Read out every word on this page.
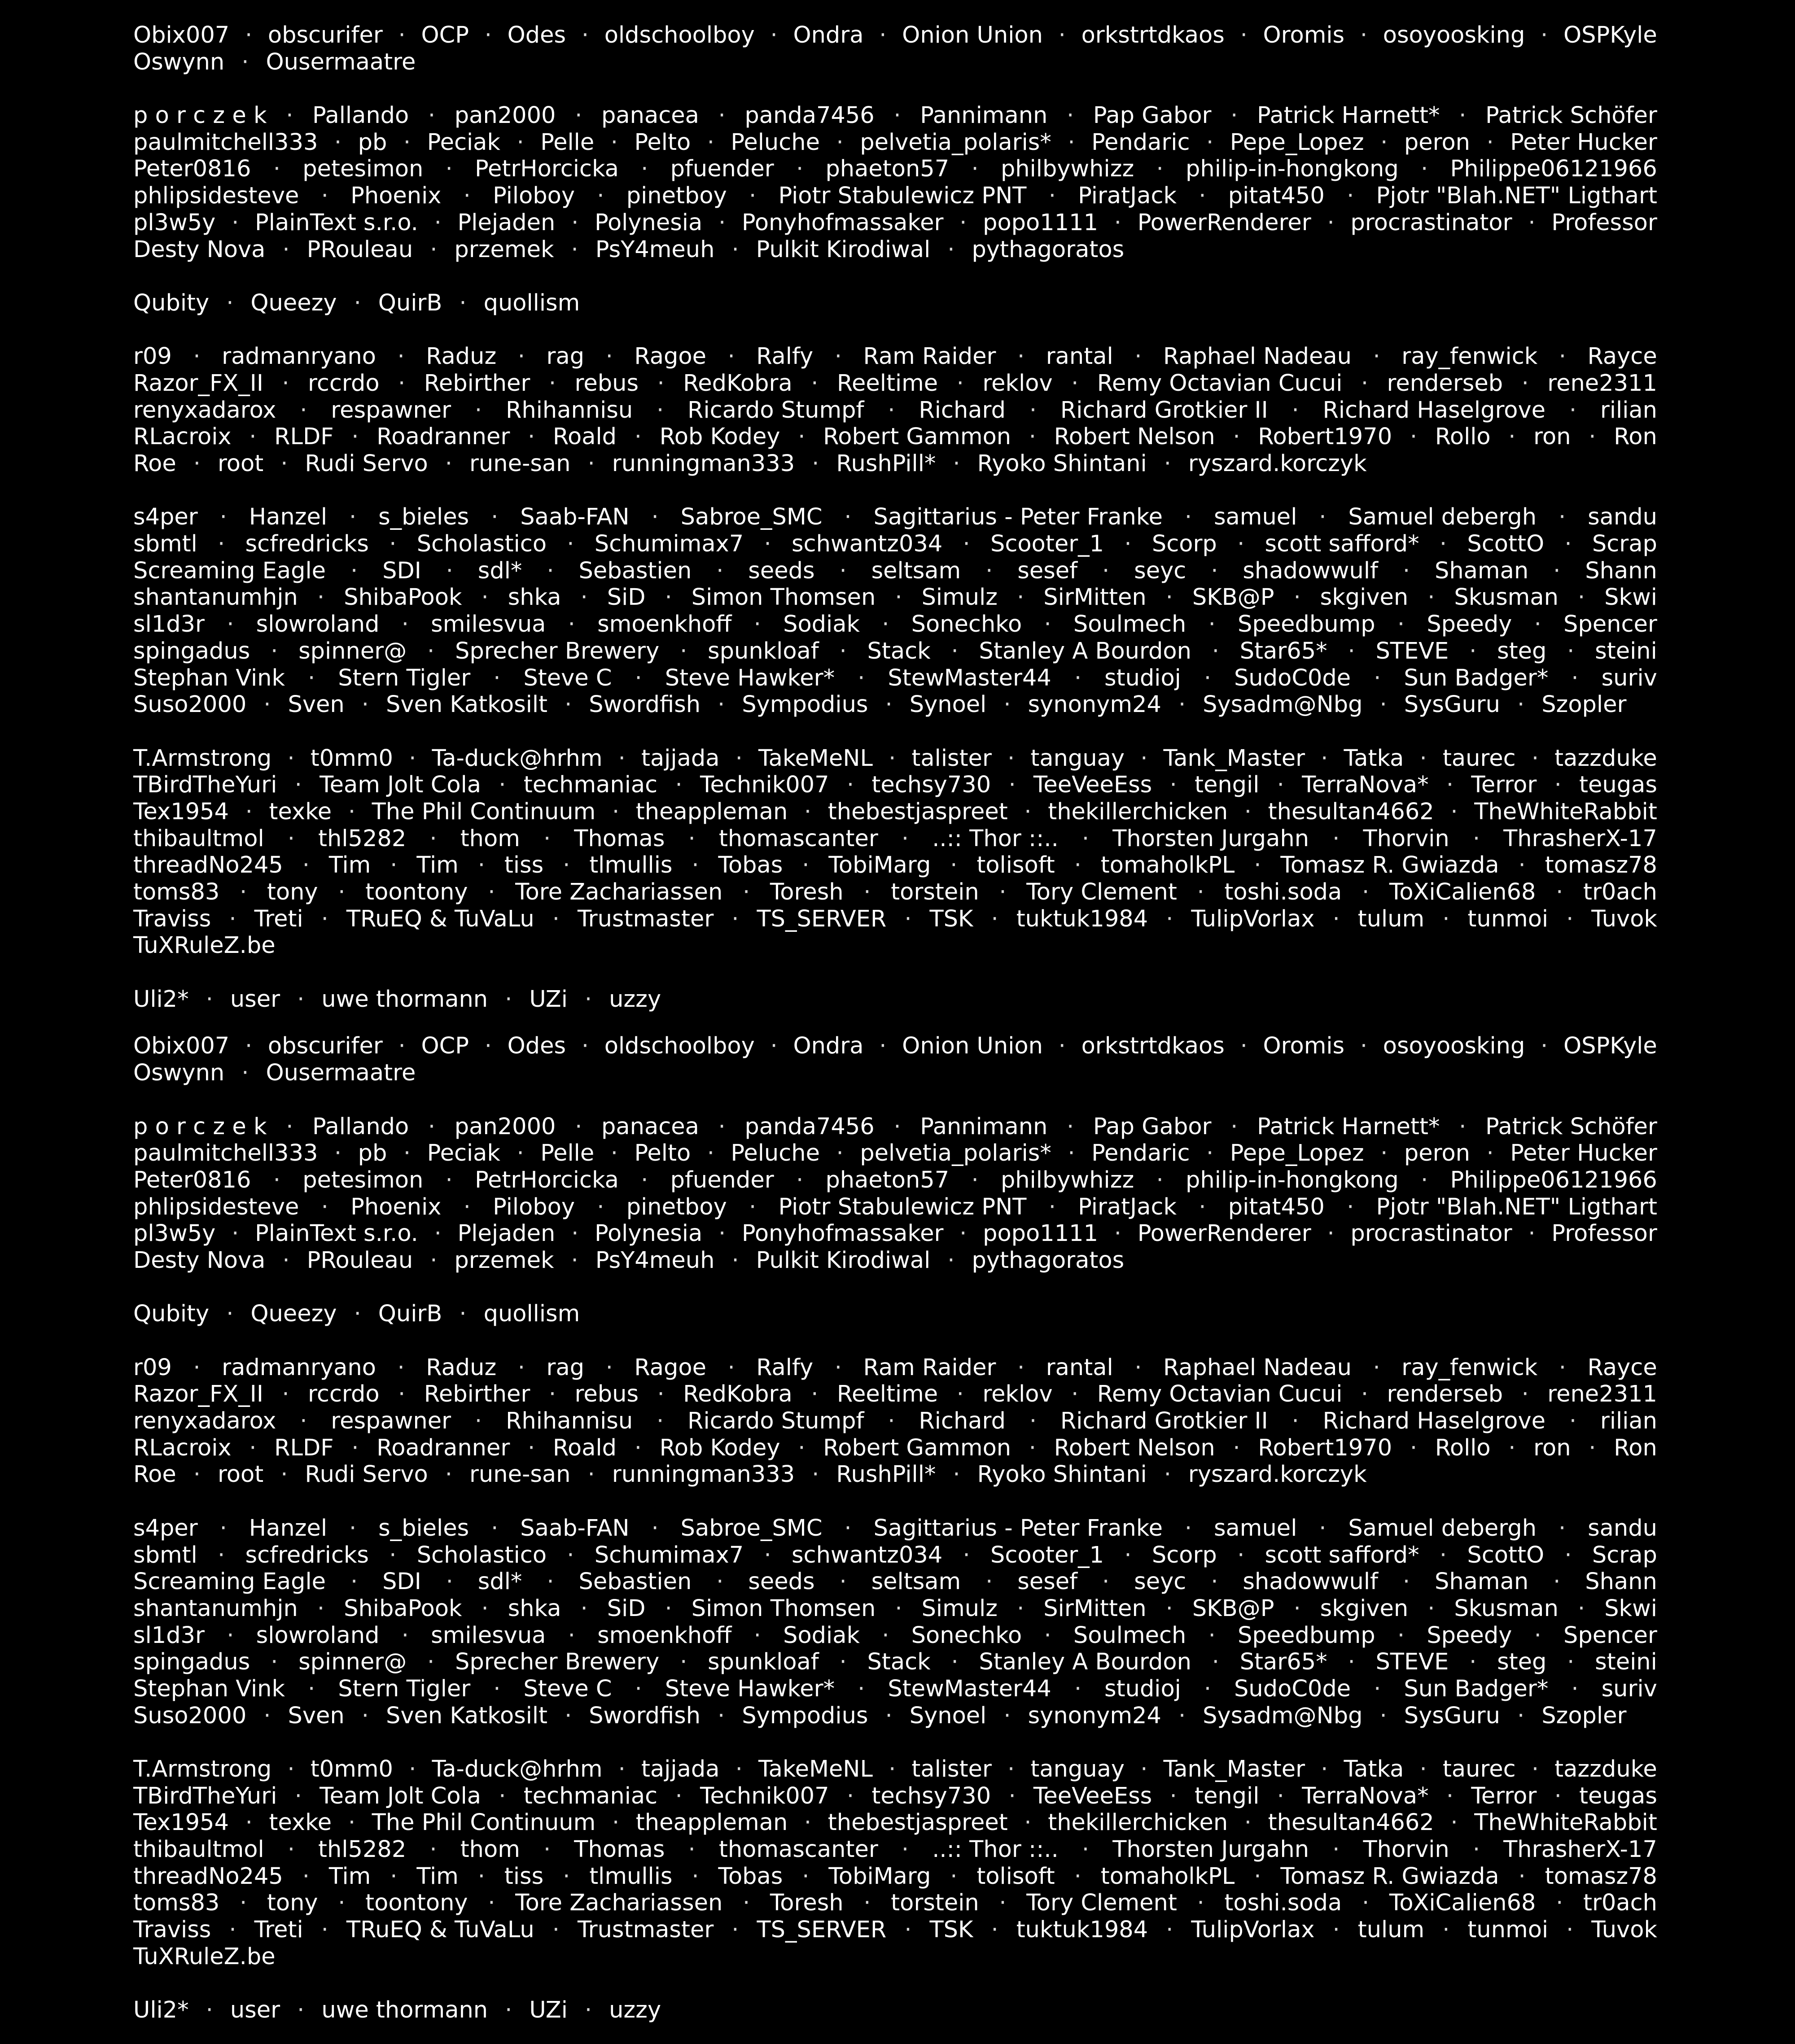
Obix007 · obscurifer · OCP · Odes · oldschoolboy · Ondra · Onion Union · orkstrtdkaos · Oromis · osoyoosking · OSPKyle
Oswynn · Ousermaatre
p o r c z e k · Pallando · pan2000 · panacea · panda7456 · Pannimann · Pap Gabor · Patrick Harnett* · Patrick Schöfer
paulmitchell333 · pb · Peciak · Pelle · Pelto · Peluche · pelvetia_polaris* · Pendaric · Pepe_Lopez · peron · Peter Hucker
Peter0816 · petesimon · PetrHorcicka · pfuender · phaeton57 · philbywhizz · philip-in-hongkong · Philippe06121966
phlipsidesteve · Phoenix · Piloboy · pinetboy · Piotr Stabulewicz PNT · PiratJack · pitat450 · Pjotr "Blah.NET" Ligthart
pl3w5y · PlainText s.r.o. · Plejaden · Polynesia · Ponyhofmassaker · popo1111 · PowerRenderer · procrastinator · Professor
Desty Nova · PRouleau · przemek · PsY4meuh · Pulkit Kirodiwal · pythagoratos
Qubity · Queezy · QuirB · quollism
r09 · radmanryano · Raduz · rag · Ragoe · Ralfy · Ram Raider · rantal · Raphael Nadeau · ray_fenwick · Rayce
Razor_FX_II · rccrdo · Rebirther · rebus · RedKobra · Reeltime · reklov · Remy Octavian Cucui · renderseb · rene2311
renyxadarox · respawner · Rhihannisu · Ricardo Stumpf · Richard · Richard Grotkier II · Richard Haselgrove · rilian
RLacroix · RLDF · Roadranner · Roald · Rob Kodey · Robert Gammon · Robert Nelson · Robert1970 · Rollo · ron · Ron
Roe · root · Rudi Servo · rune-san · runningman333 · RushPill* · Ryoko Shintani · ryszard.korczyk
s4per · Hanzel · s_bieles · Saab-FAN · Sabroe_SMC · Sagittarius - Peter Franke · samuel · Samuel debergh · sandu
sbmtl · scfredricks · Scholastico · Schumimax7 · schwantz034 · Scooter_1 · Scorp · scott safford* · ScottO · Scrap
Screaming Eagle · SDI · sdl* · Sebastien · seeds · seltsam · sesef · seyc · shadowwulf · Shaman · Shann
shantanumhjn · ShibaPook · shka · SiD · Simon Thomsen · Simulz · SirMitten · SKB@P · skgiven · Skusman · Skwi
sl1d3r · slowroland · smilesvua · smoenkhoff · Sodiak · Sonechko · Soulmech · Speedbump · Speedy · Spencer
spingadus · spinner@ · Sprecher Brewery · spunkloaf · Stack · Stanley A Bourdon · Star65* · STEVE · steg · steini
Stephan Vink · Stern Tigler · Steve C · Steve Hawker* · StewMaster44 · studioj · SudoC0de · Sun Badger* · suriv
Suso2000 · Sven · Sven Katkosilt · Swordfish · Sympodius · Synoel · synonym24 · Sysadm@Nbg · SysGuru · Szopler
T.Armstrong · t0mm0 · Ta-duck@hrhm · tajjada · TakeMeNL · talister · tanguay · Tank_Master · Tatka · taurec · tazzduke
TBirdTheYuri · Team Jolt Cola · techmaniac · Technik007 · techsy730 · TeeVeeEss · tengil · TerraNova* · Terror · teugas
Tex1954 · texke · The Phil Continuum · theappleman · thebestjaspreet · thekillerchicken · thesultan4662 · TheWhiteRabbit
thibaultmol · thl5282 · thom · Thomas · thomascanter · ..:: Thor ::.. · Thorsten Jurgahn · Thorvin · ThrasherX-17
threadNo245 · Tim · Tim · tiss · tlmullis · Tobas · TobiMarg · tolisoft · tomaholkPL · Tomasz R. Gwiazda · tomasz78
toms83 · tony · toontony · Tore Zachariassen · Toresh · torstein · Tory Clement · toshi.soda · ToXiCalien68 · tr0ach
Traviss · Treti · TRuEQ & TuVaLu · Trustmaster · TS_SERVER · TSK · tuktuk1984 · TulipVorlax · tulum · tunmoi · Tuvok
TuXRuleZ.be
Uli2* · user · uwe thormann · UZi · uzzy
Obix007 · obscurifer · OCP · Odes · oldschoolboy · Ondra · Onion Union · orkstrtdkaos · Oromis · osoyoosking · OSPKyle
Oswynn · Ousermaatre
p o r c z e k · Pallando · pan2000 · panacea · panda7456 · Pannimann · Pap Gabor · Patrick Harnett* · Patrick Schöfer
paulmitchell333 · pb · Peciak · Pelle · Pelto · Peluche · pelvetia_polaris* · Pendaric · Pepe_Lopez · peron · Peter Hucker
Peter0816 · petesimon · PetrHorcicka · pfuender · phaeton57 · philbywhizz · philip-in-hongkong · Philippe06121966
phlipsidesteve · Phoenix · Piloboy · pinetboy · Piotr Stabulewicz PNT · PiratJack · pitat450 · Pjotr "Blah.NET" Ligthart
pl3w5y · PlainText s.r.o. · Plejaden · Polynesia · Ponyhofmassaker · popo1111 · PowerRenderer · procrastinator · Professor
Desty Nova · PRouleau · przemek · PsY4meuh · Pulkit Kirodiwal · pythagoratos
Qubity · Queezy · QuirB · quollism
r09 · radmanryano · Raduz · rag · Ragoe · Ralfy · Ram Raider · rantal · Raphael Nadeau · ray_fenwick · Rayce
Razor_FX_II · rccrdo · Rebirther · rebus · RedKobra · Reeltime · reklov · Remy Octavian Cucui · renderseb · rene2311
renyxadarox · respawner · Rhihannisu · Ricardo Stumpf · Richard · Richard Grotkier II · Richard Haselgrove · rilian
RLacroix · RLDF · Roadranner · Roald · Rob Kodey · Robert Gammon · Robert Nelson · Robert1970 · Rollo · ron · Ron
Roe · root · Rudi Servo · rune-san · runningman333 · RushPill* · Ryoko Shintani · ryszard.korczyk
s4per · Hanzel · s_bieles · Saab-FAN · Sabroe_SMC · Sagittarius - Peter Franke · samuel · Samuel debergh · sandu
sbmtl · scfredricks · Scholastico · Schumimax7 · schwantz034 · Scooter_1 · Scorp · scott safford* · ScottO · Scrap
Screaming Eagle · SDI · sdl* · Sebastien · seeds · seltsam · sesef · seyc · shadowwulf · Shaman · Shann
shantanumhjn · ShibaPook · shka · SiD · Simon Thomsen · Simulz · SirMitten · SKB@P · skgiven · Skusman · Skwi
sl1d3r · slowroland · smilesvua · smoenkhoff · Sodiak · Sonechko · Soulmech · Speedbump · Speedy · Spencer
spingadus · spinner@ · Sprecher Brewery · spunkloaf · Stack · Stanley A Bourdon · Star65* · STEVE · steg · steini
Stephan Vink · Stern Tigler · Steve C · Steve Hawker* · StewMaster44 · studioj · SudoC0de · Sun Badger* · suriv
Suso2000 · Sven · Sven Katkosilt · Swordfish · Sympodius · Synoel · synonym24 · Sysadm@Nbg · SysGuru · Szopler
T.Armstrong · t0mm0 · Ta-duck@hrhm · tajjada · TakeMeNL · talister · tanguay · Tank_Master · Tatka · taurec · tazzduke
TBirdTheYuri · Team Jolt Cola · techmaniac · Technik007 · techsy730 · TeeVeeEss · tengil · TerraNova* · Terror · teugas
Tex1954 · texke · The Phil Continuum · theappleman · thebestjaspreet · thekillerchicken · thesultan4662 · TheWhiteRabbit
thibaultmol · thl5282 · thom · Thomas · thomascanter · ..:: Thor ::.. · Thorsten Jurgahn · Thorvin · ThrasherX-17
threadNo245 · Tim · Tim · tiss · tlmullis · Tobas · TobiMarg · tolisoft · tomaholkPL · Tomasz R. Gwiazda · tomasz78
toms83 · tony · toontony · Tore Zachariassen · Toresh · torstein · Tory Clement · toshi.soda · ToXiCalien68 · tr0ach
Traviss · Treti · TRuEQ & TuVaLu · Trustmaster · TS_SERVER · TSK · tuktuk1984 · TulipVorlax · tulum · tunmoi · Tuvok
TuXRuleZ.be
Uli2* · user · uwe thormann · UZi · uzzy
